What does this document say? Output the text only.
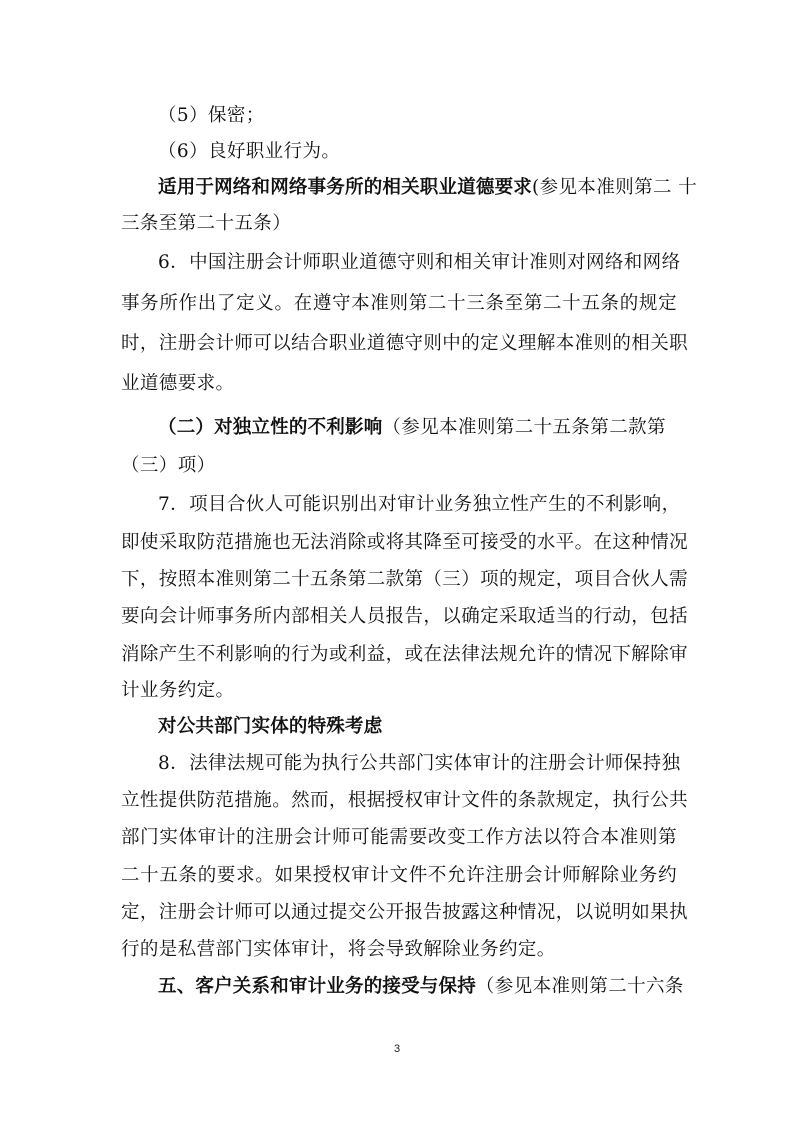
（5）保密；
（6）良好职业行为。
适用于网络和网络事务所的相关职业道德要求(参见本准则第二 十
三条至第二十五条）
6．中国注册会计师职业道德守则和相关审计准则对网络和网络
事务所作出了定义。在遵守本准则第二十三条至第二十五条的规定
时，注册会计师可以结合职业道德守则中的定义理解本准则的相关职
业道德要求。
（二）对独立性的不利影响（参见本准则第二十五条第二款第
（三）项）
7．项目合伙人可能识别出对审计业务独立性产生的不利影响，
即使采取防范措施也无法消除或将其降至可接受的水平。在这种情况
下，按照本准则第二十五条第二款第（三）项的规定，项目合伙人需
要向会计师事务所内部相关人员报告，以确定采取适当的行动，包括
消除产生不利影响的行为或利益，或在法律法规允许的情况下解除审
计业务约定。
对公共部门实体的特殊考虑
8．法律法规可能为执行公共部门实体审计的注册会计师保持独
立性提供防范措施。然而，根据授权审计文件的条款规定，执行公共
部门实体审计的注册会计师可能需要改变工作方法以符合本准则第
二十五条的要求。如果授权审计文件不允许注册会计师解除业务约
定，注册会计师可以通过提交公开报告披露这种情况，以说明如果执
行的是私营部门实体审计，将会导致解除业务约定。
五、客户关系和审计业务的接受与保持（参见本准则第二十六条
3
